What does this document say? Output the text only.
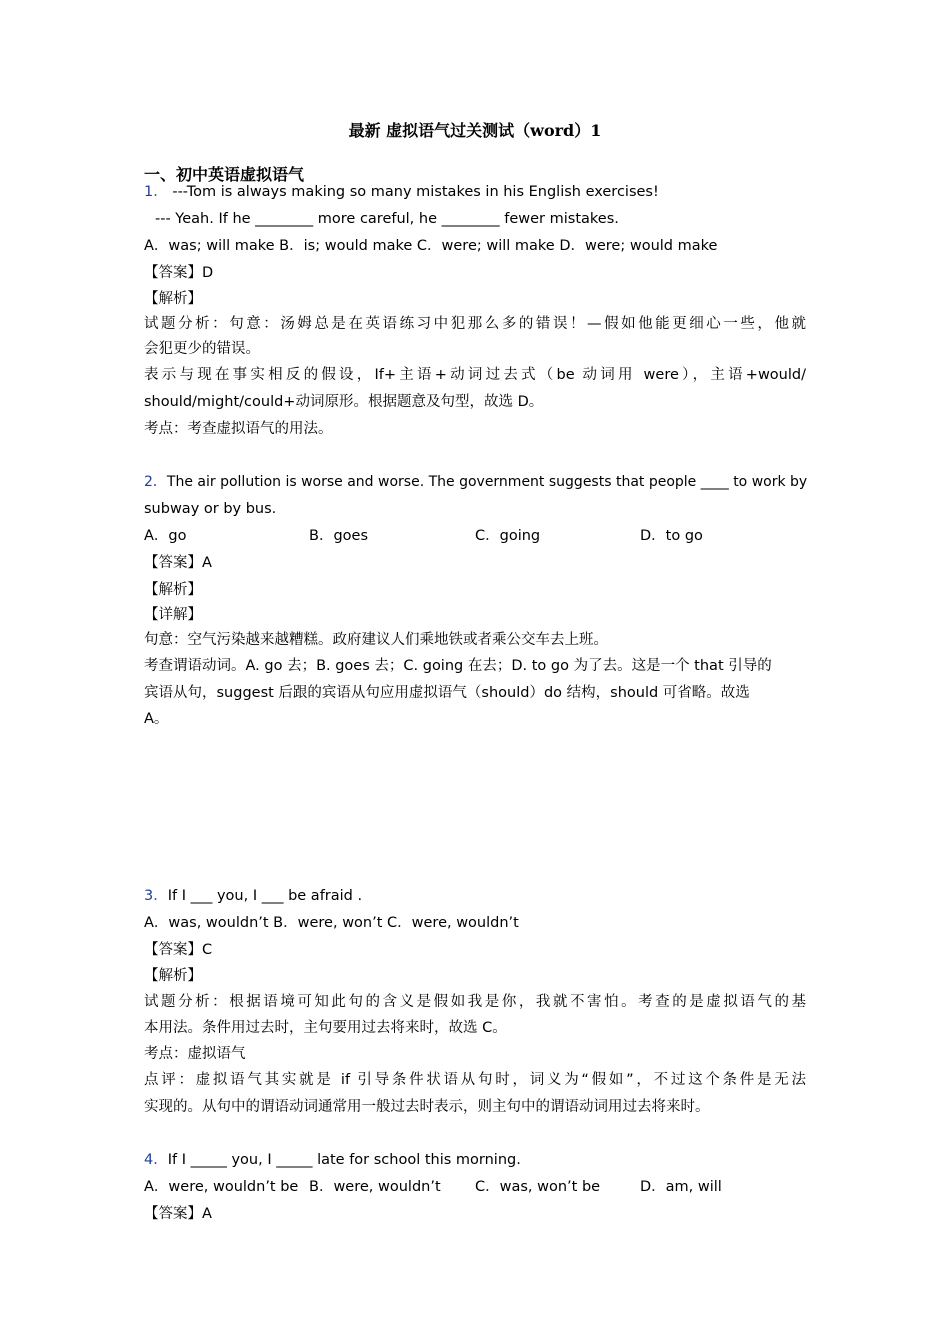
最新 虚拟语气过关测试（word）1
一、初中英语虚拟语气
1． ---Tom is always making so many mistakes in his English exercises!
--- Yeah. If he ________ more careful, he ________ fewer mistakes.
A．was; will make B．is; would make C．were; will make D．were; would make
【答案】D
【解析】
试题分析：句意：汤姆总是在英语练习中犯那么多的错误！—假如他能更细心一些，他就
会犯更少的错误。
表示与现在事实相反的假设，If+主语+动词过去式（be 动词用 were），主语+would/
should/might/could+动词原形。根据题意及句型，故选 D。
考点：考查虚拟语气的用法。
2．The air pollution is worse and worse. The government suggests that people ____ to work by
subway or by bus.
A．go	B．goes	C．going	D．to go
【答案】A
【解析】
【详解】
句意：空气污染越来越糟糕。政府建议人们乘地铁或者乘公交车去上班。
考查谓语动词。A. go 去；B. goes 去；C. going 在去；D. to go 为了去。这是一个 that 引导的
宾语从句，suggest 后跟的宾语从句应用虚拟语气（should）do 结构，should 可省略。故选
A。
3．If I ___ you, I ___ be afraid .
A．was, wouldn’t B．were, won’t C．were, wouldn’t
【答案】C
【解析】
试题分析：根据语境可知此句的含义是假如我是你，我就不害怕。考查的是虚拟语气的基
本用法。条件用过去时，主句要用过去将来时，故选 C。
考点：虚拟语气
点评：虚拟语气其实就是 if 引导条件状语从句时，词义为“假如”，不过这个条件是无法
实现的。从句中的谓语动词通常用一般过去时表示，则主句中的谓语动词用过去将来时。
4．If I _____ you, I _____ late for school this morning.
A．were, wouldn’t be B．were, wouldn’t C．was, won’t be	D．am, will
【答案】A
